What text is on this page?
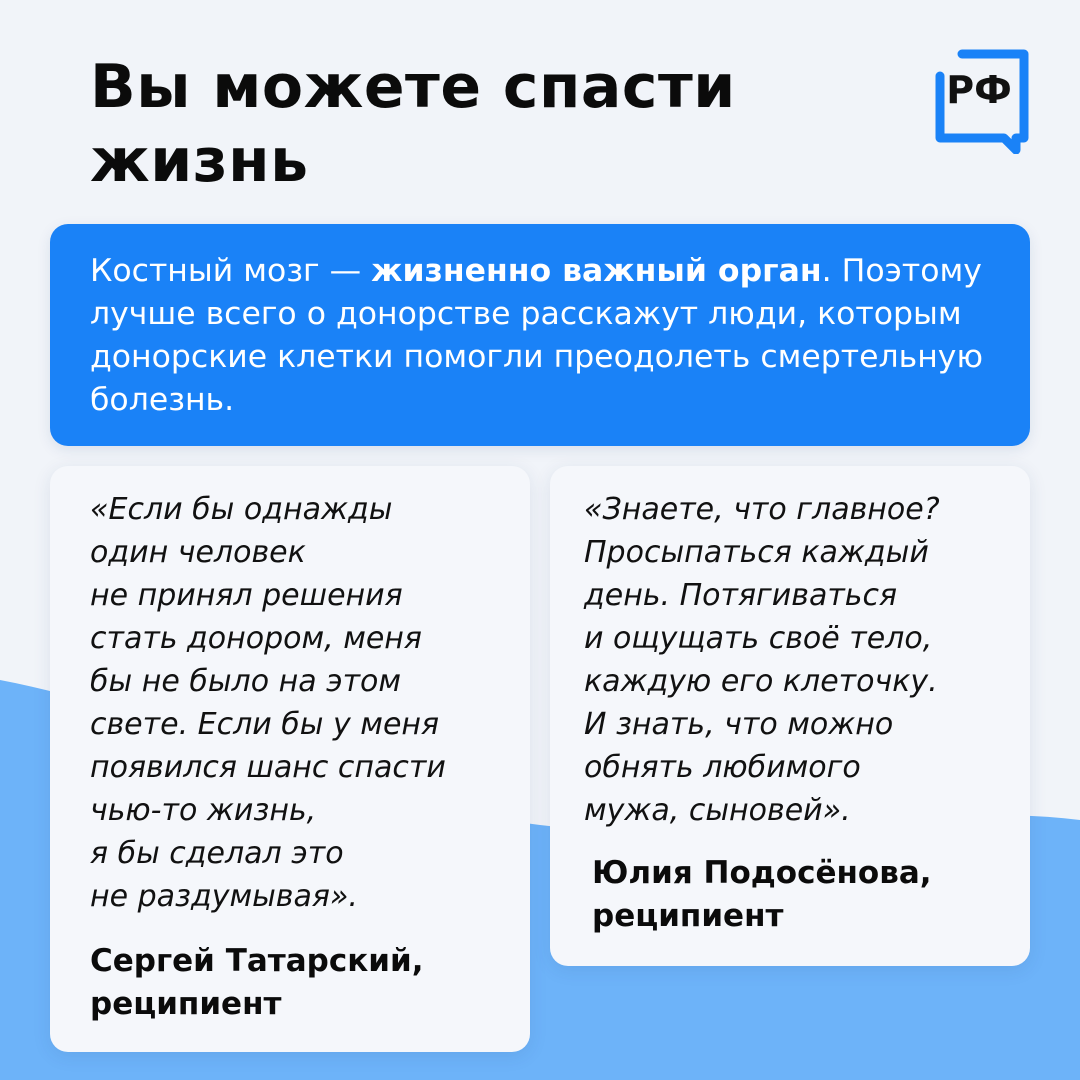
Вы можете спасти жизнь
РФ
Костный мозг — жизненно важный орган. Поэтому лучше всего о донорстве расскажут люди, которым донорские клетки помогли преодолеть смертельную болезнь.

«Если бы однажды
один человек
не принял решения
стать донором, меня
бы не было на этом
свете. Если бы у меня
появился шанс спасти
чью-то жизнь,
я бы сделал это
не раздумывая».

Сергей Татарский,
реципиент

«Знаете, что главное?
Просыпаться каждый
день. Потягиваться
и ощущать своё тело,
каждую его клеточку.
И знать, что можно
обнять любимого
мужа, сыновей».

Юлия Подосёнова,
реципиент
